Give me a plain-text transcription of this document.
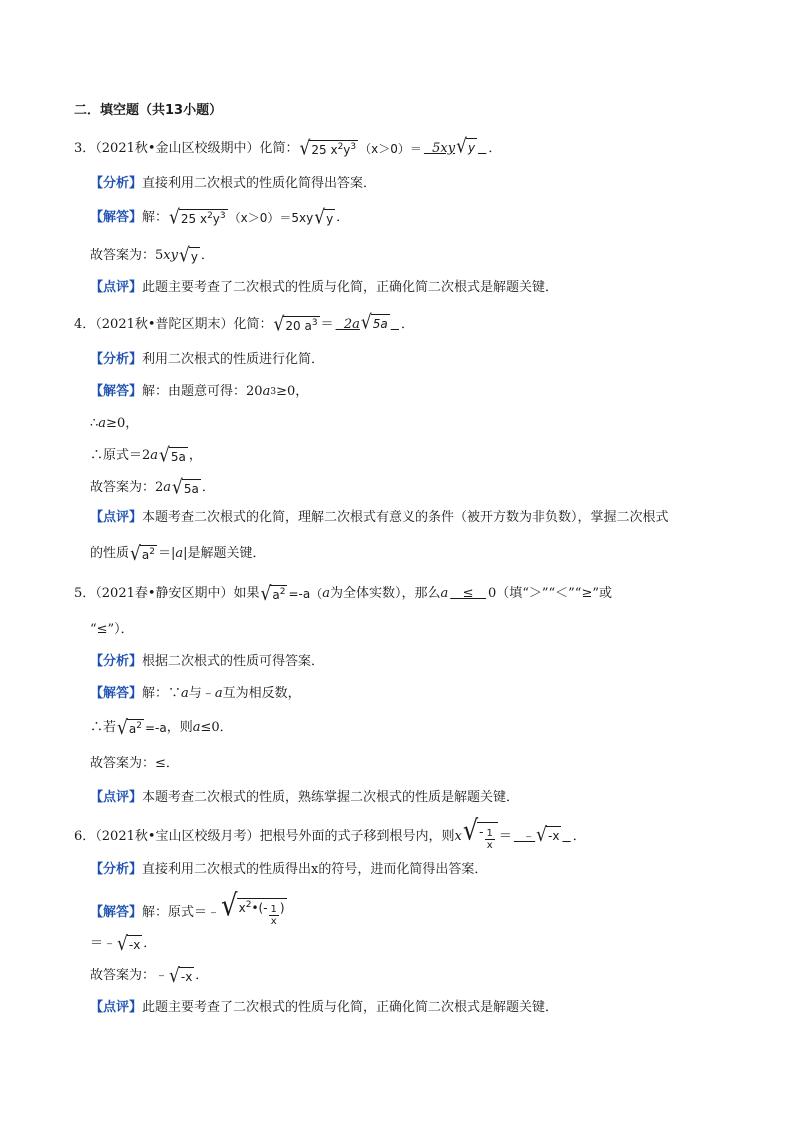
二．填空题（共13小题）
3．（2021秋•金山区校级期中）化简： √ 25 $x^2y^3$ （x＞0）＝ 5xy √ y
．
【分析】 直接利用二次根式的性质化简得出答案．
【解答】 解： √ 25 $x^2y^3$ （x＞0）＝5xy √ y ．
故答案为：5 xy √ y ．
【点评】 此题主要考查了二次根式的性质与化简，正确化简二次根式是解题关键．
4．（2021秋•普陀区期末）化简： √ 20 $a^3 = 2a$ √ 5a
．
【分析】 利用二次根式的性质进行化简．
【解答】 解：由题意可得：20 a 3 ≥0，
∴ a ≥0，
∴原式＝2 a √ 5a ，
故答案为：2 a √ 5a ．
【点评】 本题考查二次根式的化简，理解二次根式有意义的条件（被开方数为非负数），掌握二次根式
的性质 √ $a^2$ ＝| a |是解题关键．
5．（2021春•静安区期中）如果 √ $a^2 =-a$（ a 为全体实数），那么 a ≤ 0（填“＞”“＜”“≥”或
“≤”）．
【分析】 根据二次根式的性质可得答案．
【解答】 解：∵ a 与﹣ a 互为相反数，
∴若 √ $a^2 =-a$ ，则 a ≤0．
故答案为：≤．
【点评】 本题考查二次根式的性质，熟练掌握二次根式的性质是解题关键．
6．（2021秋•宝山区校级月考）把根号外面的式子移到根号内，则 x √ - $\frac{1}{x}$ ＝ ﹣ √ -x
．
【分析】 直接利用二次根式的性质得出x的符号，进而化简得出答案．
【解答】 解：原式＝﹣ √ $x^2•(- \frac{1}{x}$ )
＝﹣ √ -x ．
故答案为：﹣ √ -x ．
【点评】 此题主要考查了二次根式的性质与化简，正确化简二次根式是解题关键．
